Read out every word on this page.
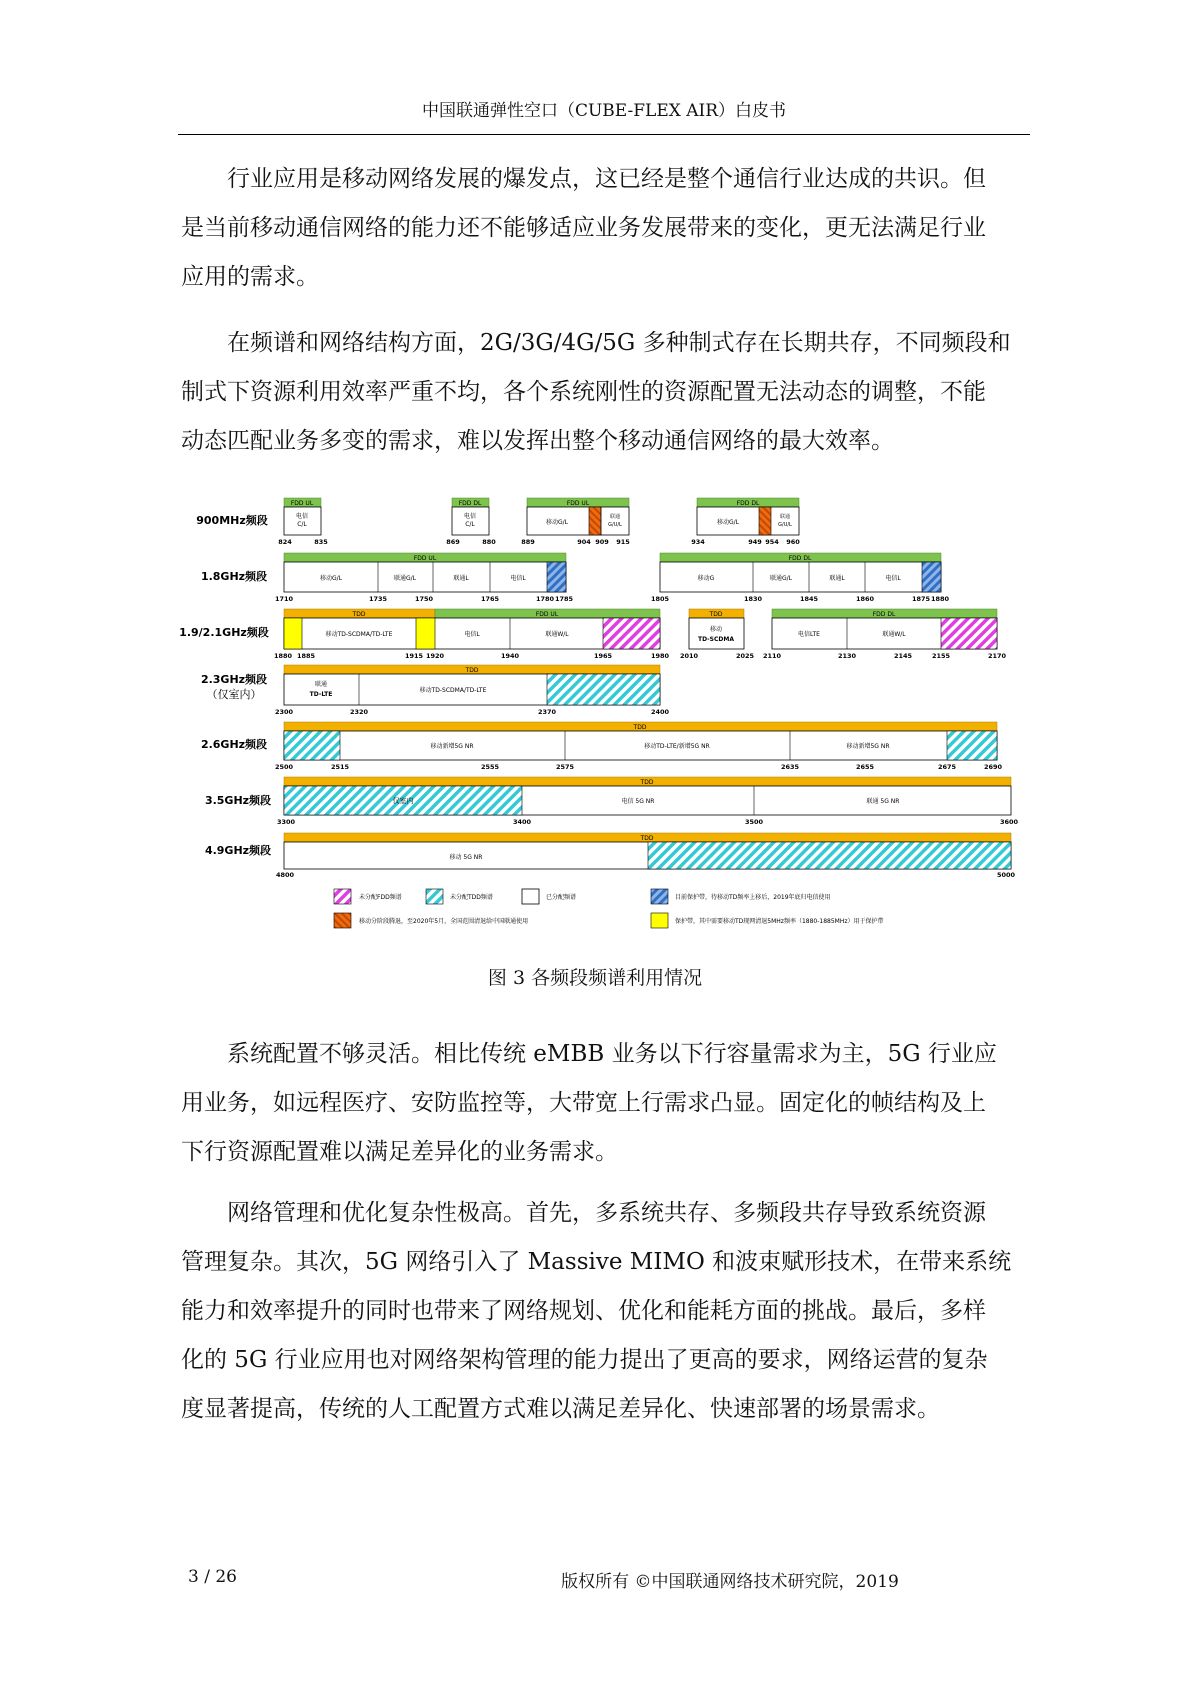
中国联通弹性空口（CUBE-FLEX AIR）白皮书

行业应用是移动网络发展的爆发点，这已经是整个通信行业达成的共识。但
是当前移动通信网络的能力还不能够适应业务发展带来的变化，更无法满足行业
应用的需求。

在频谱和网络结构方面，2G/3G/4G/5G 多种制式存在长期共存，不同频段和
制式下资源利用效率严重不均，各个系统刚性的资源配置无法动态的调整，不能
动态匹配业务多变的需求，难以发挥出整个移动通信网络的最大效率。

900MHz频段
1.8GHz频段
1.9/2.1GHz频段
2.3GHz频段
（仅室内）
2.6GHz频段
3.5GHz频段
4.9GHz频段
FDD UL
电信
C/L
FDD DL
电信
C/L
FDD UL
移动G/L
联通
G/U/L
FDD DL
移动G/L
联通
G/U/L
824	835	869	880	889	904 909 915	934	949 954 960
FDD UL
移动G/L	联通G/L	联通L	电信L
FDD DL
移动G	联通G/L	联通L	电信L
1710	1735	1750	1765	1780 1785	1805	1830	1845	1860	1875 1880
TDD	FDD UL
移动TD-SCDMA/TD-LTE	电信L	联通W/L
TDD
移动
TD-SCDMA
FDD DL
电信LTE	联通W/L
1880 1885	1915 1920	1940	1965	1980 2010	2025 2110	2130	2145	2155	2170
TDD
联通
TD-LTE
移动TD-SCDMA/TD-LTE
2300	2320	2370	2400
TDD
移动新增5G NR	移动TD-LTE/新增5G NR	移动新增5G NR
2500	2515	2555	2575	2635	2655	2675	2690
TDD
仅室内	电信 5G NR	联通 5G NR
3300	3400	3500	3600
TDD
移动 5G NR
4800	5000
未分配FDD频谱	未分配TDD频谱	已分配频谱	目前保护带，待移动TD频率上移后，2019年底归电信使用
移动分阶段腾退，至2020年5月，全国范围清退给中国联通使用	保护带，其中需要移动TD现网清退5MHz频率（1880-1885MHz）用于保护带
图 3 各频段频谱利用情况

系统配置不够灵活。相比传统 eMBB 业务以下行容量需求为主，5G 行业应
用业务，如远程医疗、安防监控等，大带宽上行需求凸显。固定化的帧结构及上
下行资源配置难以满足差异化的业务需求。

网络管理和优化复杂性极高。首先，多系统共存、多频段共存导致系统资源
管理复杂。其次，5G 网络引入了 Massive MIMO 和波束赋形技术，在带来系统
能力和效率提升的同时也带来了网络规划、优化和能耗方面的挑战。最后，多样
化的 5G 行业应用也对网络架构管理的能力提出了更高的要求，网络运营的复杂
度显著提高，传统的人工配置方式难以满足差异化、快速部署的场景需求。

3 / 26	版权所有 ©中国联通网络技术研究院，2019
